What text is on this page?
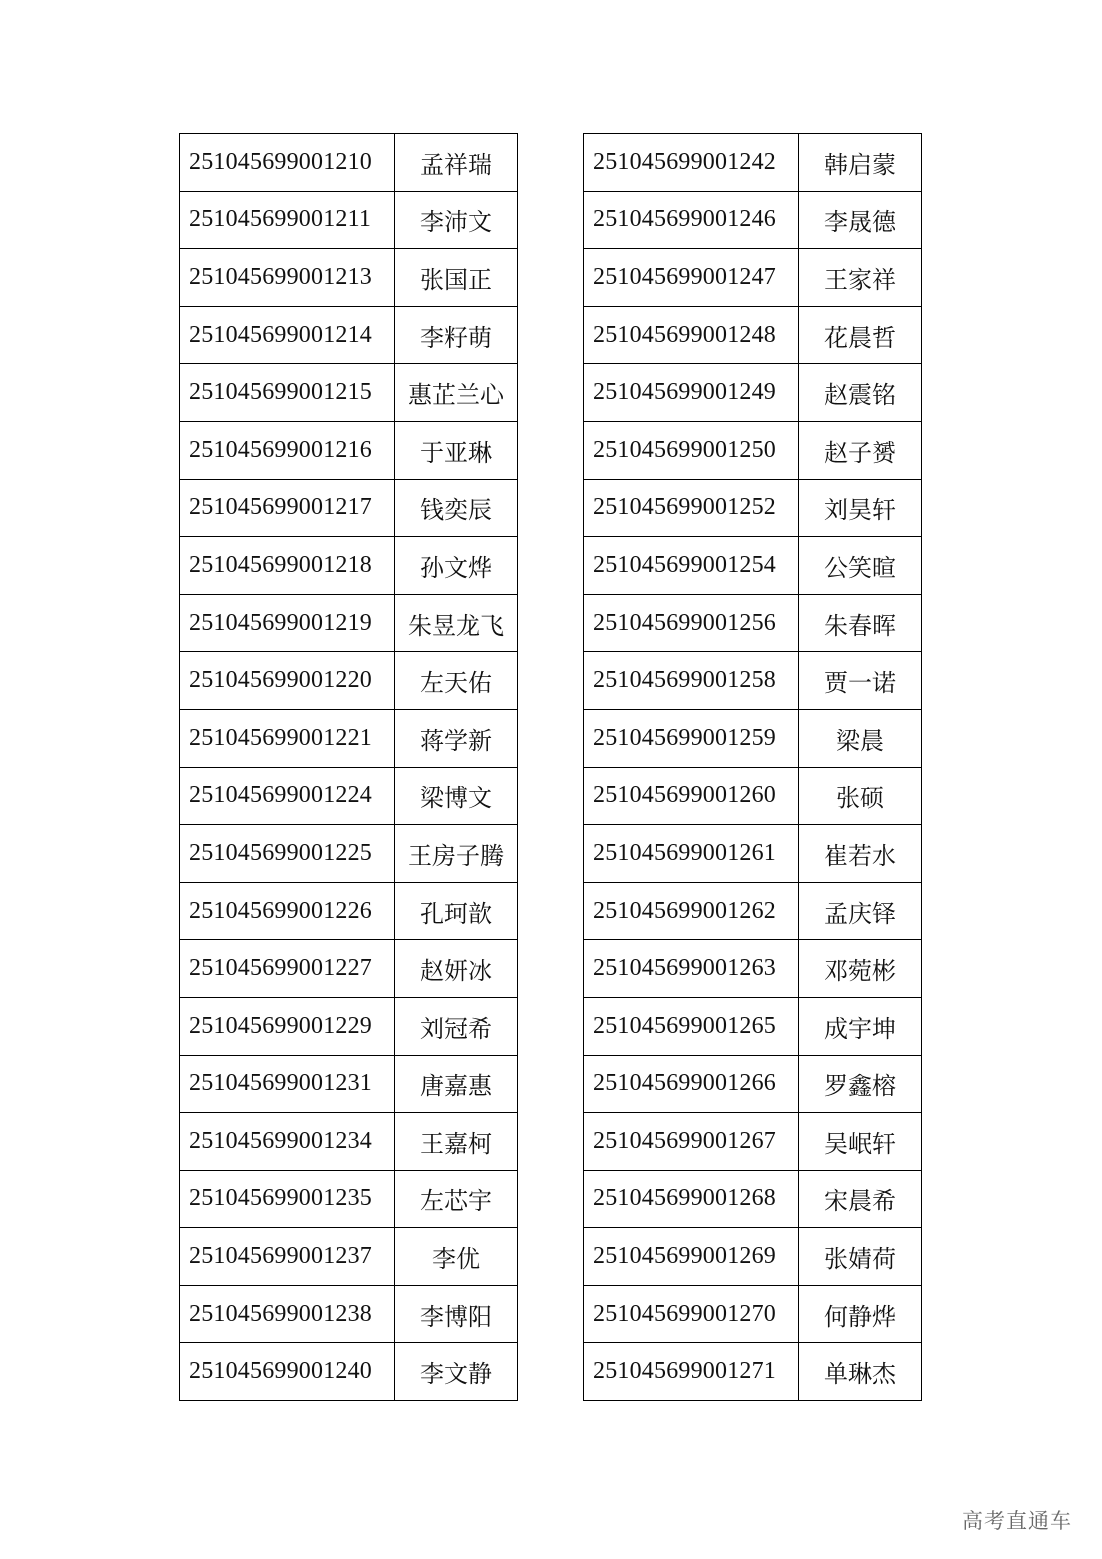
251045699001210	孟祥瑞
251045699001211	李沛文
251045699001213	张国正
251045699001214	李籽萌
251045699001215	惠芷兰心
251045699001216	于亚琳
251045699001217	钱奕辰
251045699001218	孙文烨
251045699001219	朱昱龙飞
251045699001220	左天佑
251045699001221	蒋学新
251045699001224	梁博文
251045699001225	王房子腾
251045699001226	孔珂歆
251045699001227	赵妍冰
251045699001229	刘冠希
251045699001231	唐嘉惠
251045699001234	王嘉柯
251045699001235	左芯宇
251045699001237	李优
251045699001238	李博阳
251045699001240	李文静
251045699001242	韩启蒙
251045699001246	李晟德
251045699001247	王家祥
251045699001248	花晨哲
251045699001249	赵震铭
251045699001250	赵子赟
251045699001252	刘昊轩
251045699001254	公笑暄
251045699001256	朱春晖
251045699001258	贾一诺
251045699001259	梁晨
251045699001260	张硕
251045699001261	崔若水
251045699001262	孟庆铎
251045699001263	邓菀彬
251045699001265	成宇坤
251045699001266	罗鑫榕
251045699001267	吴岷轩
251045699001268	宋晨希
251045699001269	张婧荷
251045699001270	何静烨
251045699001271	单琳杰
高考直通车
